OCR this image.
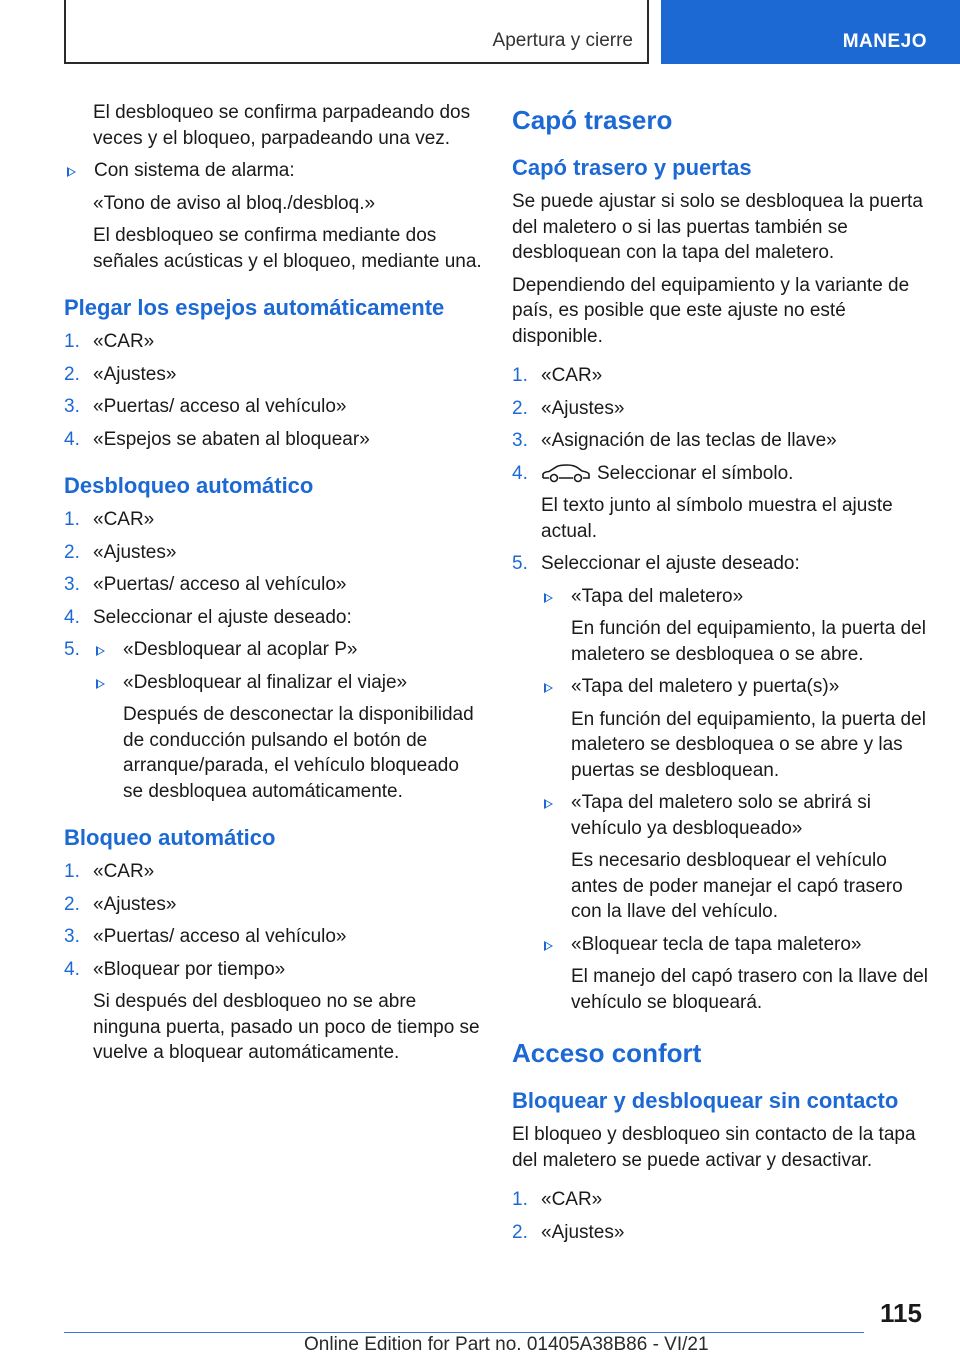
Apertura y cierre	MANEJO
El desbloqueo se confirma parpadeando dos veces y el bloqueo, parpadeando una vez.
Con sistema de alarma:
«Tono de aviso al bloq./desbloq.»
El desbloqueo se confirma mediante dos señales acústicas y el bloqueo, mediante una.
Plegar los espejos automáticamente
1. «CAR»
2. «Ajustes»
3. «Puertas/ acceso al vehículo»
4. «Espejos se abaten al bloquear»
Desbloqueo automático
1. «CAR»
2. «Ajustes»
3. «Puertas/ acceso al vehículo»
4. Seleccionar el ajuste deseado:
5.	«Desbloquear al acoplar P»
«Desbloquear al finalizar el viaje»
Después de desconectar la disponibilidad de conducción pulsando el botón de arranque/parada, el vehículo bloqueado se desbloquea automáticamente.
Bloqueo automático
1. «CAR»
2. «Ajustes»
3. «Puertas/ acceso al vehículo»
4. «Bloquear por tiempo»
Si después del desbloqueo no se abre ninguna puerta, pasado un poco de tiempo se vuelve a bloquear automáticamente.
Capó trasero
Capó trasero y puertas
Se puede ajustar si solo se desbloquea la puerta del maletero o si las puertas también se desbloquean con la tapa del maletero.
Dependiendo del equipamiento y la variante de país, es posible que este ajuste no esté disponible.
1. «CAR»
2. «Ajustes»
3. «Asignación de las teclas de llave»
4.	Seleccionar el símbolo.
El texto junto al símbolo muestra el ajuste actual.
5. Seleccionar el ajuste deseado:
«Tapa del maletero»
En función del equipamiento, la puerta del maletero se desbloquea o se abre.
«Tapa del maletero y puerta(s)»
En función del equipamiento, la puerta del maletero se desbloquea o se abre y las puertas se desbloquean.
«Tapa del maletero solo se abrirá si vehículo ya desbloqueado»
Es necesario desbloquear el vehículo antes de poder manejar el capó trasero con la llave del vehículo.
«Bloquear tecla de tapa maletero»
El manejo del capó trasero con la llave del vehículo se bloqueará.
Acceso confort
Bloquear y desbloquear sin contacto
El bloqueo y desbloqueo sin contacto de la tapa del maletero se puede activar y desactivar.
1. «CAR»
2. «Ajustes»
115
Online Edition for Part no. 01405A38B86 - VI/21
